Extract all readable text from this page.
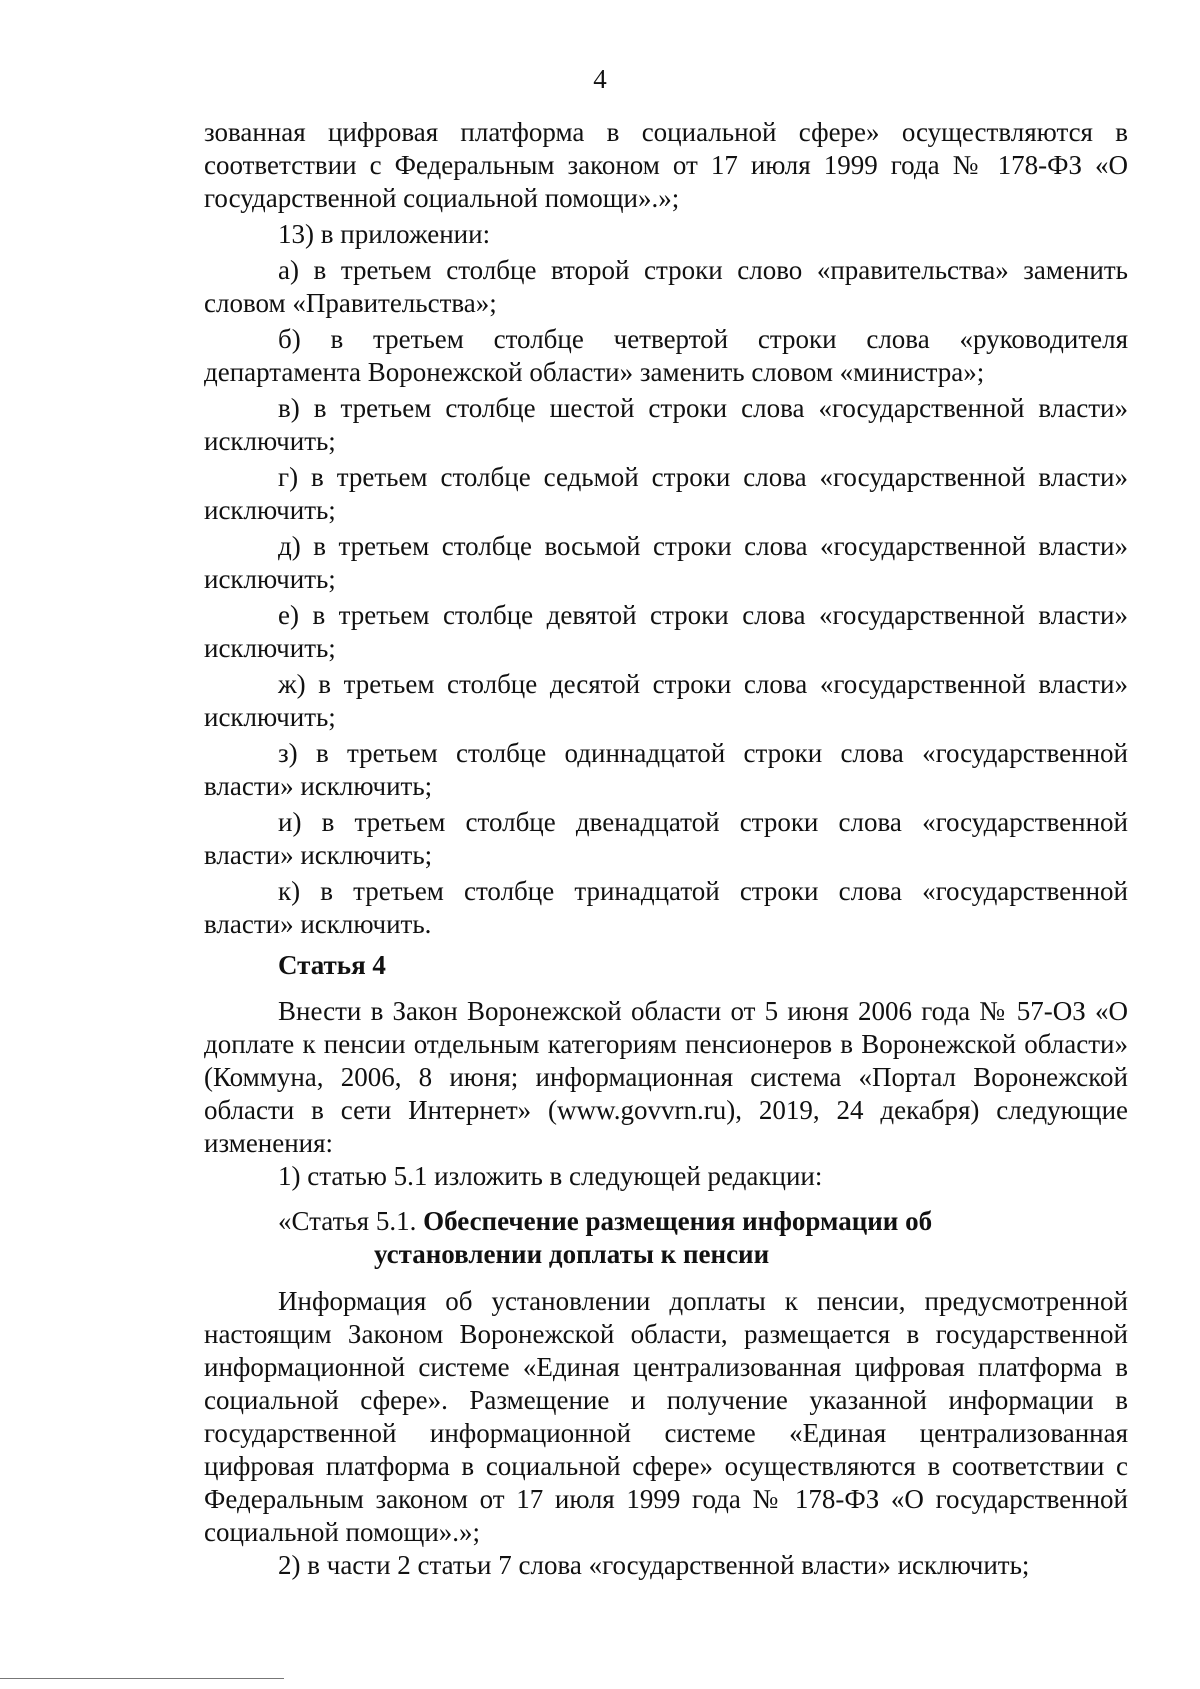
4

зованная цифровая платформа в социальной сфере» осуществляются в соответствии с Федеральным законом от 17 июля 1999 года № 178-ФЗ «О государственной социальной помощи».»;

13) в приложении:

а) в третьем столбце второй строки слово «правительства» заменить словом «Правительства»;

б) в третьем столбце четвертой строки слова «руководителя департамента Воронежской области» заменить словом «министра»;

в) в третьем столбце шестой строки слова «государственной власти» исключить;

г) в третьем столбце седьмой строки слова «государственной власти» исключить;

д) в третьем столбце восьмой строки слова «государственной власти» исключить;

е) в третьем столбце девятой строки слова «государственной власти» исключить;

ж) в третьем столбце десятой строки слова «государственной власти» исключить;

з) в третьем столбце одиннадцатой строки слова «государственной власти» исключить;

и) в третьем столбце двенадцатой строки слова «государственной власти» исключить;

к) в третьем столбце тринадцатой строки слова «государственной власти» исключить.

Статья 4

Внести в Закон Воронежской области от 5 июня 2006 года № 57-ОЗ «О доплате к пенсии отдельным категориям пенсионеров в Воронежской области» (Коммуна, 2006, 8 июня; информационная система «Портал Воронежской области в сети Интернет» (www.govvrn.ru), 2019, 24 декабря) следующие изменения:

1) статью 5.1 изложить в следующей редакции:

«Статья 5.1. Обеспечение размещения информации об
установлении доплаты к пенсии

Информация об установлении доплаты к пенсии, предусмотренной настоящим Законом Воронежской области, размещается в государственной информационной системе «Единая централизованная цифровая платформа в социальной сфере». Размещение и получение указанной информации в государственной информационной системе «Единая централизованная цифровая платформа в социальной сфере» осуществляются в соответствии с Федеральным законом от 17 июля 1999 года № 178-ФЗ «О государственной социальной помощи».»;

2) в части 2 статьи 7 слова «государственной власти» исключить;
